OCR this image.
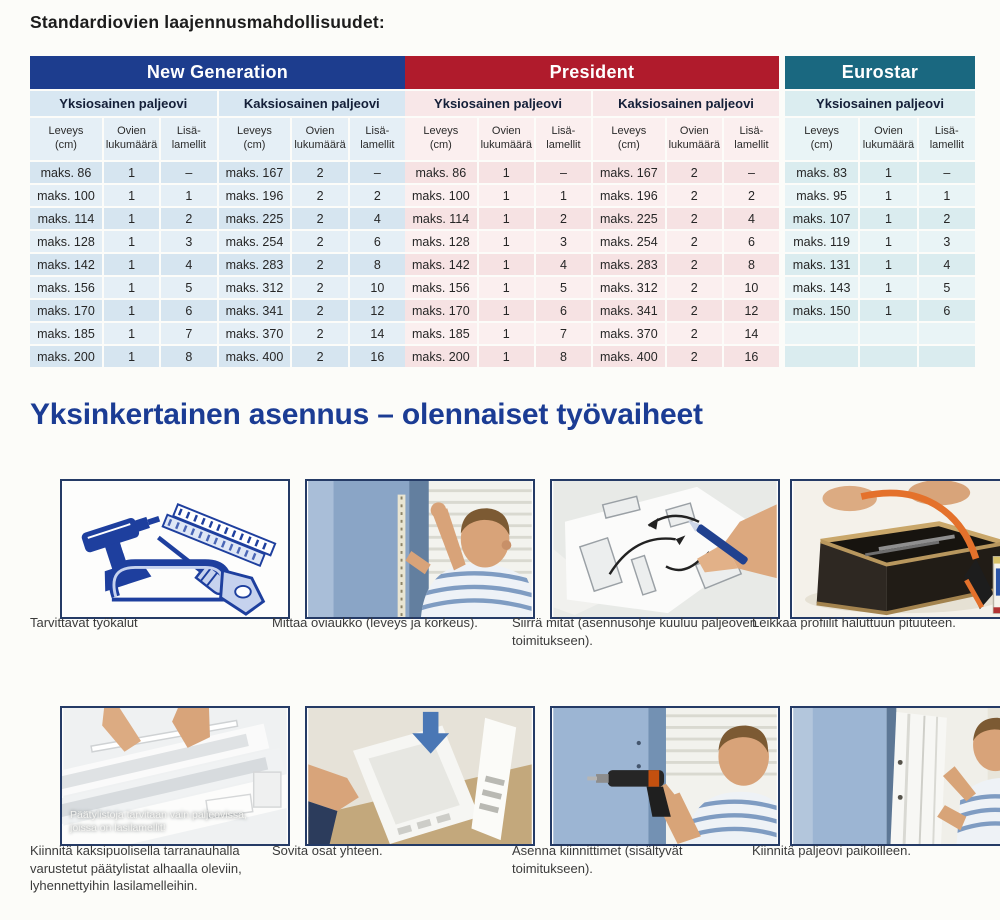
Standardiovien laajennusmahdollisuudet:
New Generation
Yksiosainen paljeovi
Leveys
(cm)
Ovien
lukumäärä
Lisä-
lamellit
maks. 86	1	–
maks. 100	1	1
maks. 114	1	2
maks. 128	1	3
maks. 142	1	4
maks. 156	1	5
maks. 170	1	6
maks. 185	1	7
maks. 200	1	8
Kaksiosainen paljeovi
Leveys
(cm)
Ovien
lukumäärä
Lisä-
lamellit
maks. 167	2	–
maks. 196	2	2
maks. 225	2	4
maks. 254	2	6
maks. 283	2	8
maks. 312	2	10
maks. 341	2	12
maks. 370	2	14
maks. 400	2	16
President
Yksiosainen paljeovi
Leveys
(cm)
Ovien
lukumäärä
Lisä-
lamellit
maks. 86	1	–
maks. 100	1	1
maks. 114	1	2
maks. 128	1	3
maks. 142	1	4
maks. 156	1	5
maks. 170	1	6
maks. 185	1	7
maks. 200	1	8
Kaksiosainen paljeovi
Leveys
(cm)
Ovien
lukumäärä
Lisä-
lamellit
maks. 167	2	–
maks. 196	2	2
maks. 225	2	4
maks. 254	2	6
maks. 283	2	8
maks. 312	2	10
maks. 341	2	12
maks. 370	2	14
maks. 400	2	16
Eurostar
Yksiosainen paljeovi
Leveys
(cm)
Ovien
lukumäärä
Lisä-
lamellit
maks. 83	1	–
maks. 95	1	1
maks. 107	1	2
maks. 119	1	3
maks. 131	1	4
maks. 143	1	5
maks. 150	1	6
Yksinkertainen asennus – olennaiset työvaiheet
Tarvittavat työkalut	Mittaa oviaukko (leveys ja korkeus).	Siirrä mitat (asennusohje kuuluu paljeoven toimitukseen).
Leikkaa profiilit haluttuun pituuteen.
Päätylistoja tarvitaan vain paljeovissa, joissa on lasilamellit!
Kiinnitä kaksipuolisella tarranauhalla varustetut päätylistat alhaalla oleviin, lyhennettyihin lasilamelleihin.
Sovita osat yhteen.	Asenna kiinnittimet (sisältyvät toimitukseen).
Kiinnitä paljeovi paikoilleen.
